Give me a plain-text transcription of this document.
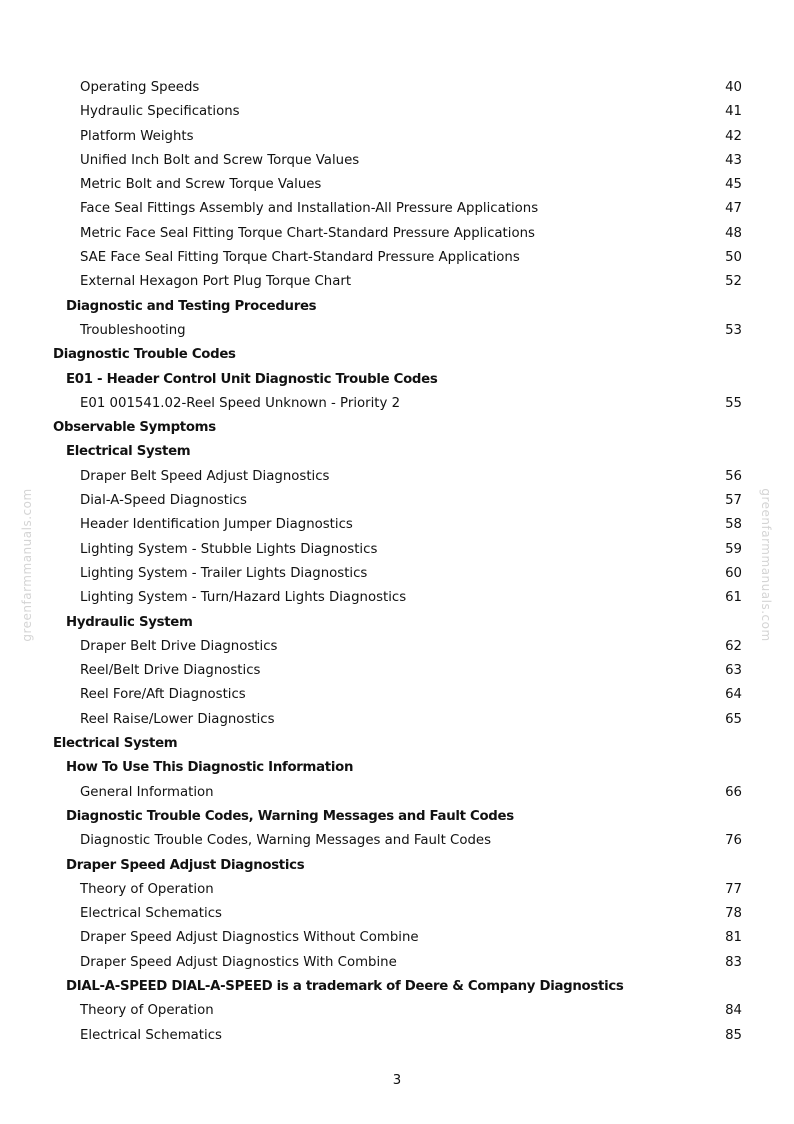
greenfarmmanuals.com	greenfarmmanuals.com
Operating Speeds	40
Hydraulic Specifications	41
Platform Weights	42
Unified Inch Bolt and Screw Torque Values	43
Metric Bolt and Screw Torque Values	45
Face Seal Fittings Assembly and Installation-All Pressure Applications	47
Metric Face Seal Fitting Torque Chart-Standard Pressure Applications	48
SAE Face Seal Fitting Torque Chart-Standard Pressure Applications	50
External Hexagon Port Plug Torque Chart	52
Diagnostic and Testing Procedures
Troubleshooting	53
Diagnostic Trouble Codes
E01 - Header Control Unit Diagnostic Trouble Codes
E01 001541.02-Reel Speed Unknown - Priority 2	55
Observable Symptoms
Electrical System
Draper Belt Speed Adjust Diagnostics	56
Dial-A-Speed Diagnostics	57
Header Identification Jumper Diagnostics	58
Lighting System - Stubble Lights Diagnostics	59
Lighting System - Trailer Lights Diagnostics	60
Lighting System - Turn/Hazard Lights Diagnostics	61
Hydraulic System
Draper Belt Drive Diagnostics	62
Reel/Belt Drive Diagnostics	63
Reel Fore/Aft Diagnostics	64
Reel Raise/Lower Diagnostics	65
Electrical System
How To Use This Diagnostic Information
General Information	66
Diagnostic Trouble Codes, Warning Messages and Fault Codes
Diagnostic Trouble Codes, Warning Messages and Fault Codes	76
Draper Speed Adjust Diagnostics
Theory of Operation	77
Electrical Schematics	78
Draper Speed Adjust Diagnostics Without Combine	81
Draper Speed Adjust Diagnostics With Combine	83
DIAL-A-SPEED DIAL-A-SPEED is a trademark of Deere & Company Diagnostics
Theory of Operation	84
Electrical Schematics	85
3
